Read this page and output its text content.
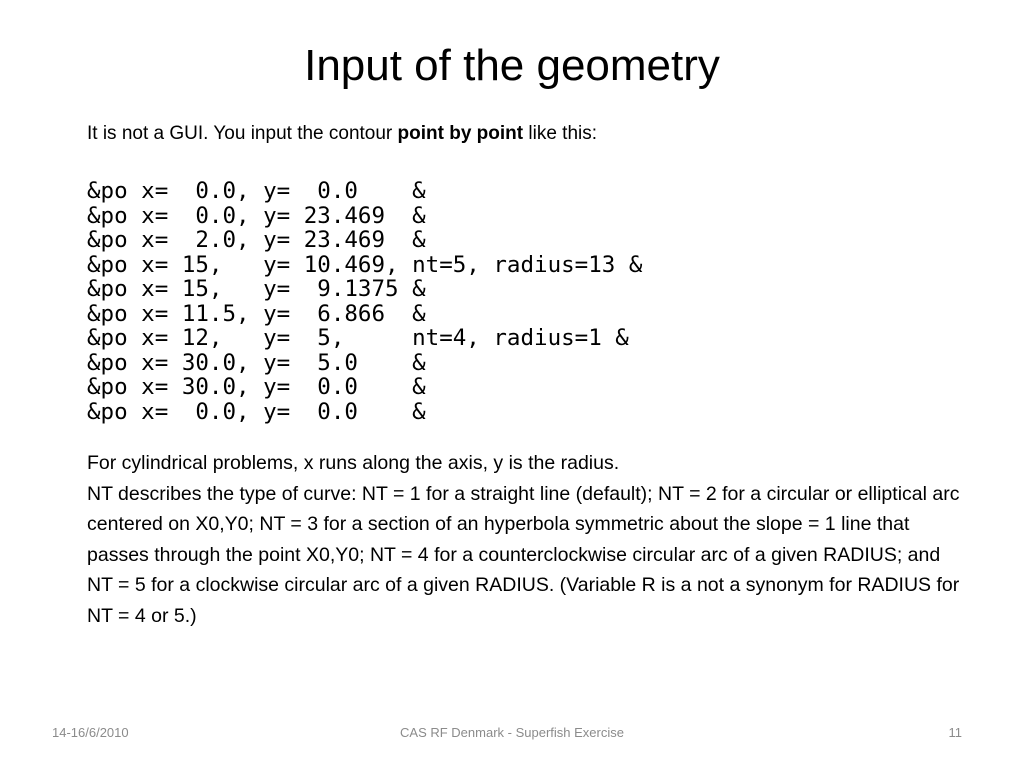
Input of the geometry
It is not a GUI. You input the contour point by point like this:
&po x=  0.0, y=  0.0    &
&po x=  0.0, y= 23.469  &
&po x=  2.0, y= 23.469  &
&po x= 15,   y= 10.469, nt=5, radius=13 &
&po x= 15,   y=  9.1375 &
&po x= 11.5, y=  6.866  &
&po x= 12,   y=  5,     nt=4, radius=1 &
&po x= 30.0, y=  5.0    &
&po x= 30.0, y=  0.0    &
&po x=  0.0, y=  0.0    &

For cylindrical problems, x runs along the axis, y is the radius.

NT describes the type of curve: NT = 1 for a straight line (default); NT = 2 for a circular or elliptical arc centered on X0,Y0; NT = 3 for a section of an hyperbola symmetric about the slope = 1 line that passes through the point X0,Y0; NT = 4 for a counterclockwise circular arc of a given RADIUS; and NT = 5 for a clockwise circular arc of a given RADIUS. (Variable R is a not a synonym for RADIUS for NT = 4 or 5.)

14-16/6/2010	CAS RF Denmark - Superfish Exercise	11
